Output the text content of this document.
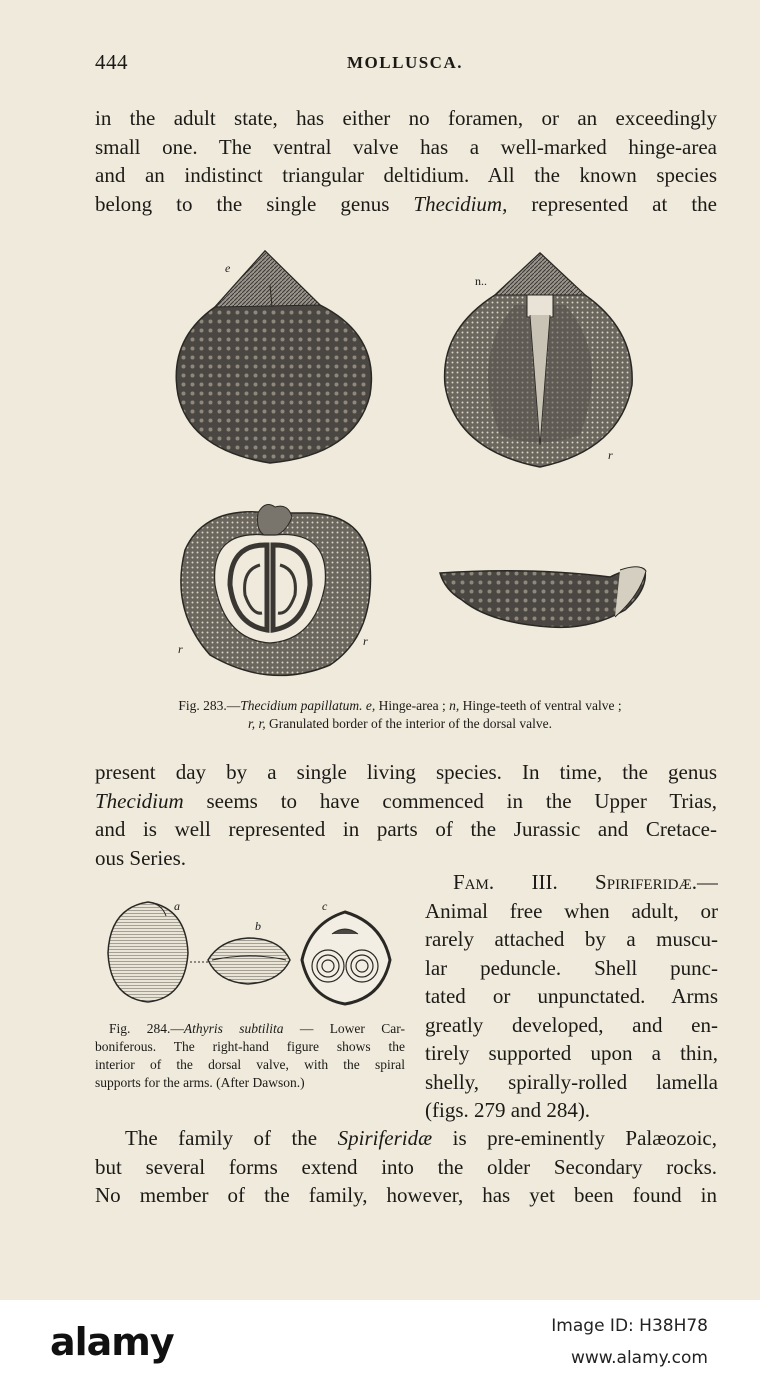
444	MOLLUSCA.
in the adult state, has either no foramen, or an exceedingly
small one. The ventral valve has a well-marked hinge-area
and an indistinct triangular deltidium. All the known species
belong to the single genus Thecidium, represented at the
e
n..
r
r
r
Fig. 283.—Thecidium papillatum. e, Hinge-area ; n, Hinge-teeth of ventral valve ;
r, r, Granulated border of the interior of the dorsal valve.
present day by a single living species. In time, the genus
Thecidium seems to have commenced in the Upper Trias,
and is well represented in parts of the Jurassic and Cretace-
ous Series.
Fam. III. Spiriferidæ.—
Animal free when adult, or
rarely attached by a muscu-
lar peduncle. Shell punc-
tated or unpunctated. Arms
greatly developed, and en-
tirely supported upon a thin,
shelly, spirally-rolled lamella
(figs. 279 and 284).
a
b
c
Fig. 284.—Athyris subtilita — Lower Car-
boniferous. The right-hand figure shows the
interior of the dorsal valve, with the spiral
supports for the arms. (After Dawson.)
The family of the Spiriferidæ is pre-eminently Palæozoic,
but several forms extend into the older Secondary rocks.
No member of the family, however, has yet been found in
alamy	Image ID: H38H78
www.alamy.com
